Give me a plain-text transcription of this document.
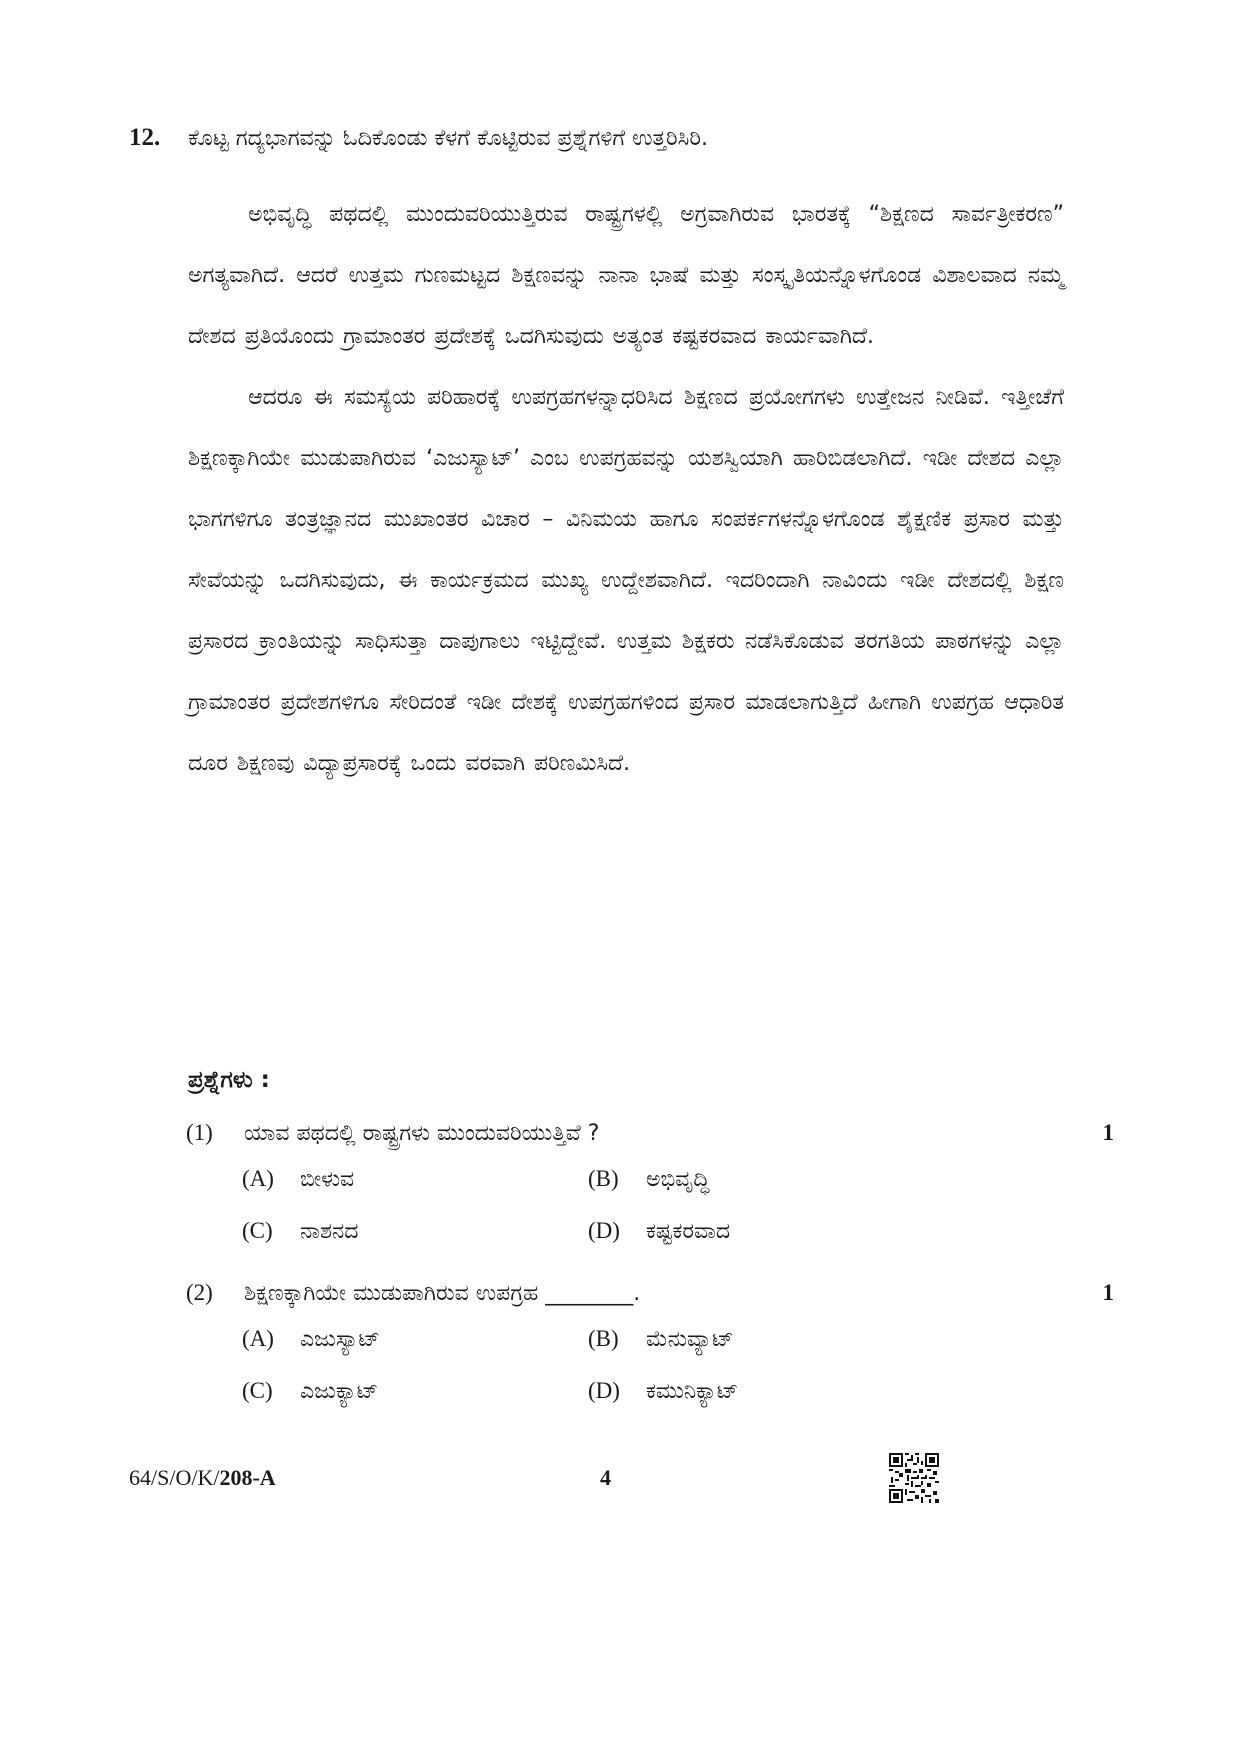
12. ಕೊಟ್ಟ ಗದ್ಯಭಾಗವನ್ನು ಓದಿಕೊಂಡು ಕೆಳಗೆ ಕೊಟ್ಟಿರುವ ಪ್ರಶ್ನೆಗಳಿಗೆ ಉತ್ತರಿಸಿರಿ.

ಅಭಿವೃದ್ಧಿ ಪಥದಲ್ಲಿ ಮುಂದುವರಿಯುತ್ತಿರುವ ರಾಷ್ಟ್ರಗಳಲ್ಲಿ ಅಗ್ರವಾಗಿರುವ ಭಾರತಕ್ಕೆ “ಶಿಕ್ಷಣದ ಸಾರ್ವತ್ರೀಕರಣ” ಅಗತ್ಯವಾಗಿದೆ. ಆದರೆ ಉತ್ತಮ ಗುಣಮಟ್ಟದ ಶಿಕ್ಷಣವನ್ನು ನಾನಾ ಭಾಷೆ ಮತ್ತು ಸಂಸ್ಕೃತಿಯನ್ನೊಳಗೊಂಡ ವಿಶಾಲವಾದ ನಮ್ಮ ದೇಶದ ಪ್ರತಿಯೊಂದು ಗ್ರಾಮಾಂತರ ಪ್ರದೇಶಕ್ಕೆ ಒದಗಿಸುವುದು ಅತ್ಯಂತ ಕಷ್ಟಕರವಾದ ಕಾರ್ಯವಾಗಿದೆ.

ಆದರೂ ಈ ಸಮಸ್ಯೆಯ ಪರಿಹಾರಕ್ಕೆ ಉಪಗ್ರಹಗಳನ್ನಾಧರಿಸಿದ ಶಿಕ್ಷಣದ ಪ್ರಯೋಗಗಳು ಉತ್ತೇಜನ ನೀಡಿವೆ. ಇತ್ತೀಚೆಗೆ ಶಿಕ್ಷಣಕ್ಕಾಗಿಯೇ ಮುಡುಪಾಗಿರುವ ‘ಎಜುಸ್ಯಾಟ್’ ಎಂಬ ಉಪಗ್ರಹವನ್ನು ಯಶಸ್ವಿಯಾಗಿ ಹಾರಿಬಿಡಲಾಗಿದೆ. ಇಡೀ ದೇಶದ ಎಲ್ಲಾ ಭಾಗಗಳಿಗೂ ತಂತ್ರಜ್ಞಾನದ ಮುಖಾಂತರ ವಿಚಾರ – ವಿನಿಮಯ ಹಾಗೂ ಸಂಪರ್ಕಗಳನ್ನೊಳಗೊಂಡ ಶೈಕ್ಷಣಿಕ ಪ್ರಸಾರ ಮತ್ತು ಸೇವೆಯನ್ನು ಒದಗಿಸುವುದು, ಈ ಕಾರ್ಯಕ್ರಮದ ಮುಖ್ಯ ಉದ್ದೇಶವಾಗಿದೆ. ಇದರಿಂದಾಗಿ ನಾವಿಂದು ಇಡೀ ದೇಶದಲ್ಲಿ ಶಿಕ್ಷಣ ಪ್ರಸಾರದ ಕ್ರಾಂತಿಯನ್ನು ಸಾಧಿಸುತ್ತಾ ದಾಪುಗಾಲು ಇಟ್ಟಿದ್ದೇವೆ. ಉತ್ತಮ ಶಿಕ್ಷಕರು ನಡೆಸಿಕೊಡುವ ತರಗತಿಯ ಪಾಠಗಳನ್ನು ಎಲ್ಲಾ ಗ್ರಾಮಾಂತರ ಪ್ರದೇಶಗಳಿಗೂ ಸೇರಿದಂತೆ ಇಡೀ ದೇಶಕ್ಕೆ ಉಪಗ್ರಹಗಳಿಂದ ಪ್ರಸಾರ ಮಾಡಲಾಗುತ್ತಿದೆ ಹೀಗಾಗಿ ಉಪಗ್ರಹ ಆಧಾರಿತ ದೂರ ಶಿಕ್ಷಣವು ವಿದ್ಯಾಪ್ರಸಾರಕ್ಕೆ ಒಂದು ವರವಾಗಿ ಪರಿಣಮಿಸಿದೆ.

ಪ್ರಶ್ನೆಗಳು :
(1) ಯಾವ ಪಥದಲ್ಲಿ ರಾಷ್ಟ್ರಗಳು ಮುಂದುವರಿಯುತ್ತಿವೆ ?	1
(A) ಬೀಳುವ	(B) ಅಭಿವೃದ್ಧಿ
(C) ನಾಶನದ	(D) ಕಷ್ಟಕರವಾದ
(2) ಶಿಕ್ಷಣಕ್ಕಾಗಿಯೇ ಮುಡುಪಾಗಿರುವ ಉಪಗ್ರಹ ________.	1
(A) ಎಜುಸ್ಯಾಟ್	(B) ಮೆನುವ್ಯಾಟ್
(C) ಎಜುಕ್ಯಾಟ್	(D) ಕಮುನಿಕ್ಯಾಟ್
64/S/O/K/208-A	4
